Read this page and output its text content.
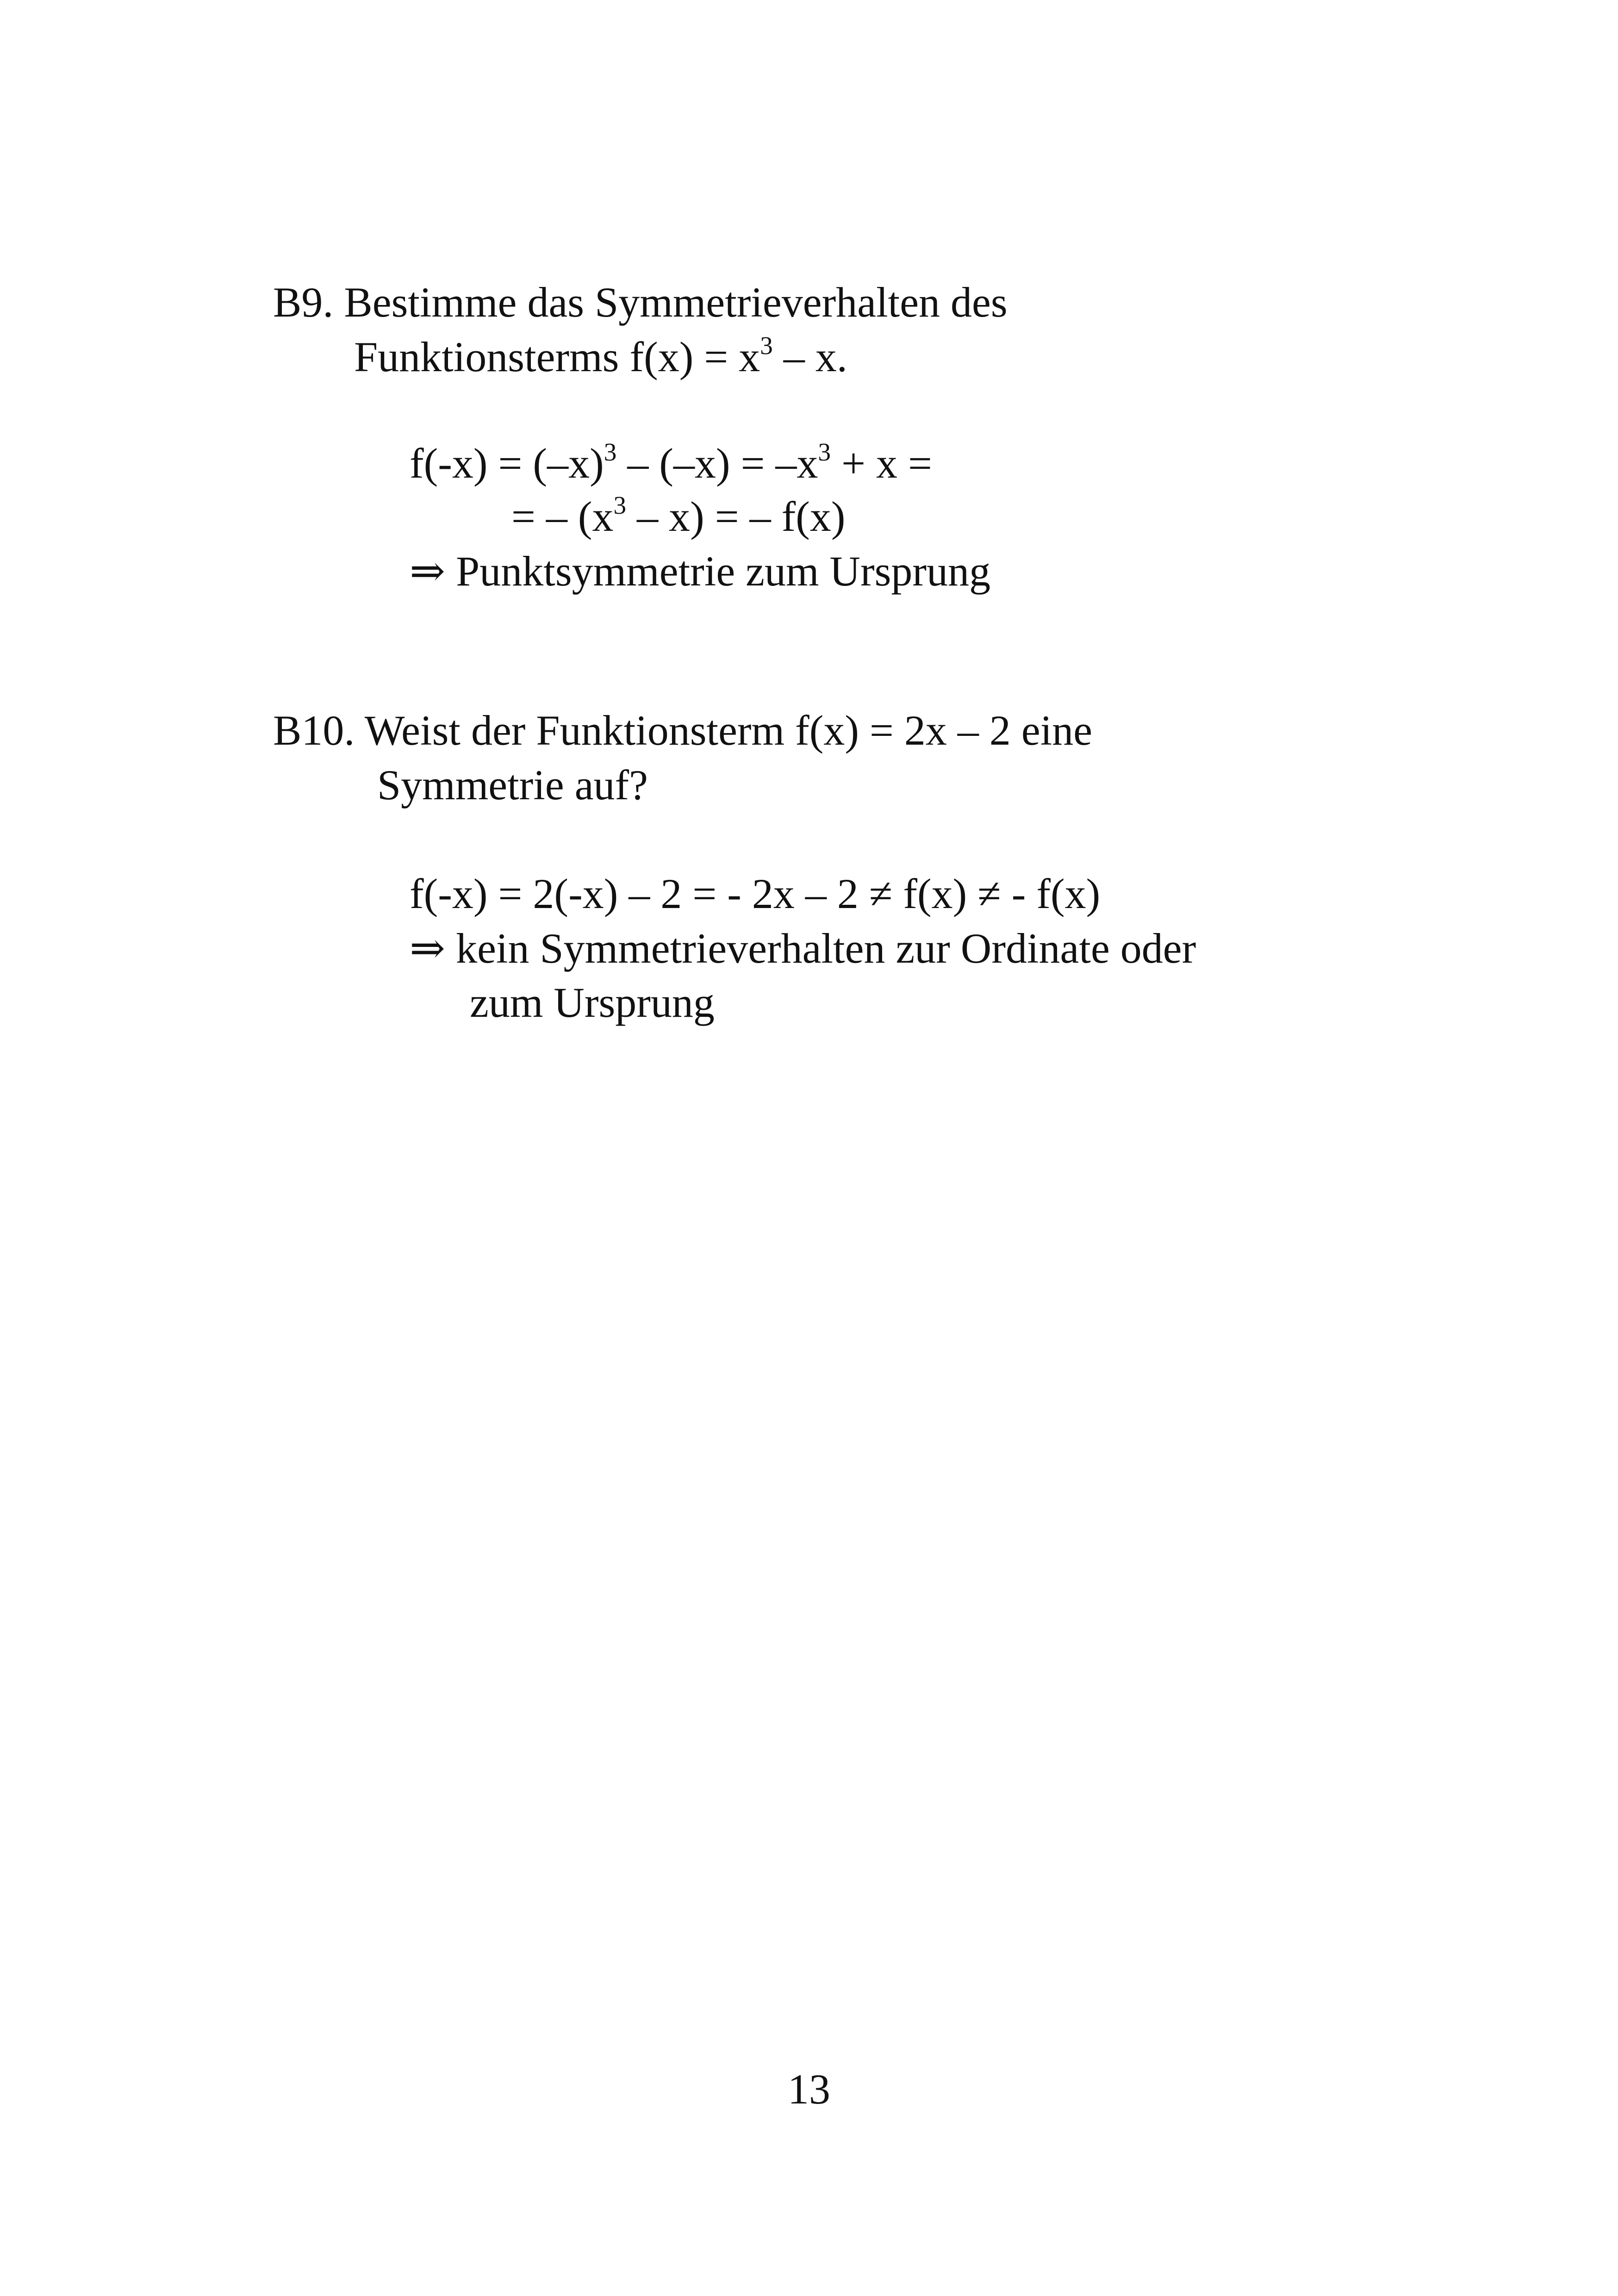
B9. Bestimme das Symmetrieverhalten des
Funktionsterms $f(x) = x^3 - x$.
$f(-x) = (-x)^3 - (-x) = -x^3 + x$ =
= – $(x^3 - x)$ = – f(x)
⇒ Punktsymmetrie zum Ursprung
B10. Weist der Funktionsterm f(x) = 2x – 2 eine
Symmetrie auf?
f(-x) = 2(-x) – 2 = - 2x – 2 ≠ f(x) ≠ - f(x)
⇒ kein Symmetrieverhalten zur Ordinate oder
zum Ursprung
13
